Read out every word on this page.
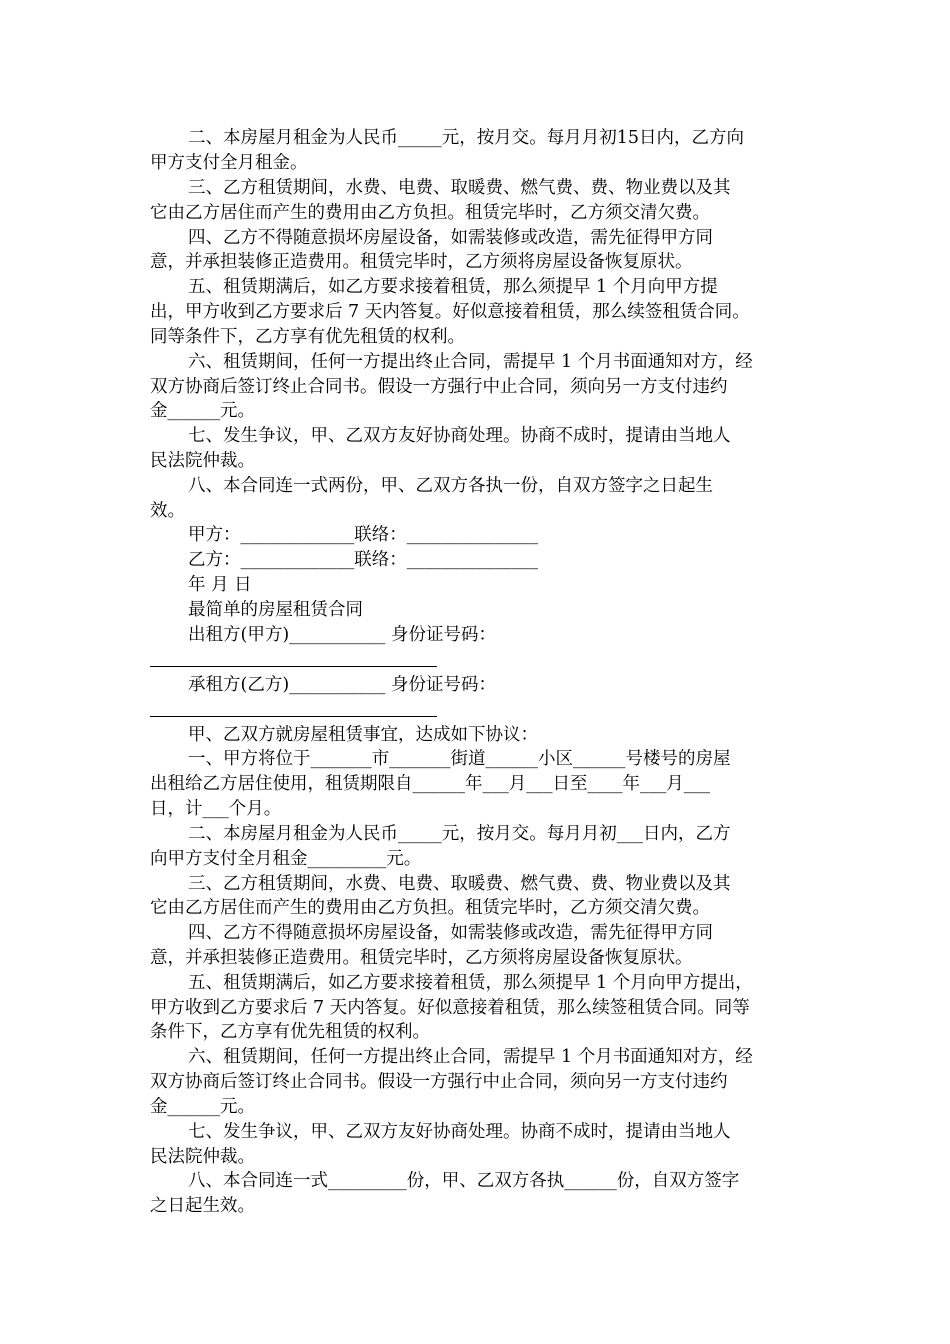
二、本房屋月租金为人民币_____元，按月交。每月月初15日内，乙方向
甲方支付全月租金。
三、乙方租赁期间，水费、电费、取暖费、燃气费、费、物业费以及其
它由乙方居住而产生的费用由乙方负担。租赁完毕时，乙方须交清欠费。
四、乙方不得随意损坏房屋设备，如需装修或改造，需先征得甲方同
意，并承担装修正造费用。租赁完毕时，乙方须将房屋设备恢复原状。
五、租赁期满后，如乙方要求接着租赁，那么须提早 1 个月向甲方提
出，甲方收到乙方要求后 7 天内答复。好似意接着租赁，那么续签租赁合同。
同等条件下，乙方享有优先租赁的权利。
六、租赁期间，任何一方提出终止合同，需提早 1 个月书面通知对方，经
双方协商后签订终止合同书。假设一方强行中止合同，须向另一方支付违约
金______元。
七、发生争议，甲、乙双方友好协商处理。协商不成时，提请由当地人
民法院仲裁。
八、本合同连一式两份，甲、乙双方各执一份，自双方签字之日起生
效。
甲方：_____________联络：_______________
乙方：_____________联络：_______________
年 月 日
最简单的房屋租赁合同
出租方(甲方)___________ 身份证号码：
承租方(乙方)___________ 身份证号码：
甲、乙双方就房屋租赁事宜，达成如下协议：
一、甲方将位于_______市_______街道______小区______号楼号的房屋
出租给乙方居住使用，租赁期限自______年___月___日至____年___月___
日，计___个月。
二、本房屋月租金为人民币_____元，按月交。每月月初___日内，乙方
向甲方支付全月租金_________元。
三、乙方租赁期间，水费、电费、取暖费、燃气费、费、物业费以及其
它由乙方居住而产生的费用由乙方负担。租赁完毕时，乙方须交清欠费。
四、乙方不得随意损坏房屋设备，如需装修或改造，需先征得甲方同
意，并承担装修正造费用。租赁完毕时，乙方须将房屋设备恢复原状。
五、租赁期满后，如乙方要求接着租赁，那么须提早 1 个月向甲方提出，
甲方收到乙方要求后 7 天内答复。好似意接着租赁，那么续签租赁合同。同等
条件下，乙方享有优先租赁的权利。
六、租赁期间，任何一方提出终止合同，需提早 1 个月书面通知对方，经
双方协商后签订终止合同书。假设一方强行中止合同，须向另一方支付违约
金______元。
七、发生争议，甲、乙双方友好协商处理。协商不成时，提请由当地人
民法院仲裁。
八、本合同连一式_________份，甲、乙双方各执______份，自双方签字
之日起生效。
